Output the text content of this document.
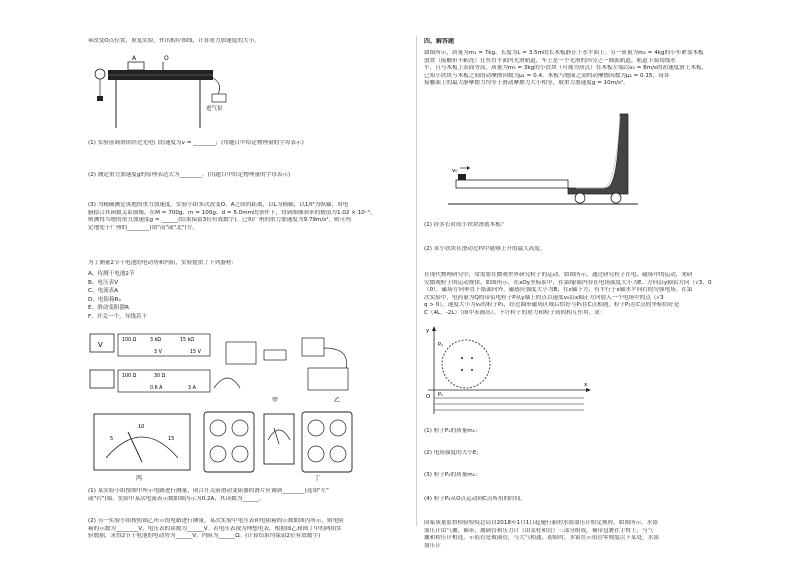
④改变O点位置，重复实验，作出相应图线，计算重力加速度的大小。
A	O
进气泵
(1) 实验前调滑块经过光电门的速度为v = ________；(用题目中给定物理量的字母表示)
(2) 测定重力加速度g的原理表达式为________。(用题目中给定物理量的字母表示)
(3) 为精确测定该地的重力加速度，实验小组多次改变O、A之间的距离，以L为横轴，以1/t²为纵轴，用电
脑拟合其函数关系图像。在M = 700g、m = 100g、d = 5.0mm的条件下，得到图像斜率的数值为1.02 × 10⁻³，
则测得当地的重力加速度g = ______(结果保留3位有效数字)。已知广州的重力加速度为9.79m/s²，则可判
定地处于广州的________(填"南"或"北")方。
为了测量2节干电池的电动势和内阻，实验提供了下列器材：
A、待测干电池2节
B、电压表V
C、电流表A
D、电阻箱R₀
E、滑动变阻器R
F、开关一个，导线若干
V
100 Ω	3 kΩ	15 kΩ
3 V	15 V
100 Ω	30 Ω
0.6 A	3 A
甲	乙
5
10
15
丙	丁
(1) 某实验小组按图甲所示电路进行测量，闭合开关前滑动变阻器的滑片应调到________(选填"左"
或"右")端。实验中某次电流表示数如图丙示为0.2A，其读数为______。
(2) 另一实验小组按照图乙所示的电路进行测量，某次实验中电压表和电阻箱的示数如图丙所示，则电阻
箱的示数为________V，电压表的读数为______V。若电压表视为理想电表，根据图乙和图丁中的两组实
验数据，求得2节干电池的电动势为______V，内阻为______Ω。(计算结果均保留2位有效数字)
四、解答题
如图所示，质量为m₁ = 7kg、长度为L = 3.5m的长木板静止于水平面上。另一质量为m₂ = 4kg的小车紧靠木板
放置（接触但不粘连）在竖直平面内光滑轨道，车上是一个光滑的四分之一圆弧轨道，轨道下端切线水
平，且与木板上表面等高。质量为m₃ = 3kg的小铁块（可视为质点）在木板左端以v₀ = 8m/s的初速度滑上木板，
已知小铁块与木板之间的动摩擦因数为μ₁ = 0.4，木板与地面之间的动摩擦因数为μ₂ = 0.15，设各
接触面上的最大静摩擦力均等于滑动摩擦力大小相等，取重力加速度g = 10m/s²。
v₀
(1) 经多长时间小铁块滑离木板？
(2) 求小铁块在滑动过程中能够上升的最大高度。
在现代物理研究中，常需要在微观世界研究粒子的运动。如图所示，通过研究粒子在电、磁场中的运动，来研
究微观粒子的运动规律。如图所示，在xOy坐标系中，在第Ⅰ象限内存在电场强度大小为E、方向沿y轴负方向（√3，0
（0），磁场方向垂直于纸面向外，磁感应强度大小为B，在x轴下方，有平行于x轴水平向右的匀强电场。在第
次实验中，电荷量为Q的带负电粒子P从y轴上的点以速度v₀沿x轴正方向射入一个电场中的点（√3
q > 0），速度大小为v₀的粒子P₂，经过圆形磁场区域后恰好与P₁在C点相遇，粒子P₁在C点的坐标恰好是
C（4L，-2L）（图中未画出）。不计粒子的重力和粒子间的相互作用。求：
y
x
O P₁
P₂
(1) 粒子P₁的质量m₁；
(2) 电场强度的大小E；
(3) 粒子P₂的质量m₂；
(4) 粒子P₂从O点运动到C点所用的时间。
国家质量监督检验检疫总局自2018年1月1日起施行新的水银血压计检定规程。如图所示，水银
血压计由气囊、袖带、玻璃管和压力计（由汞柱和管）三部分组成。袖带包裹在手臂上，与气
囊和检压计相连，示值管是玻璃管，与大气相通，初始时，水银在示值管零刻度以下某处，水银
血压计
